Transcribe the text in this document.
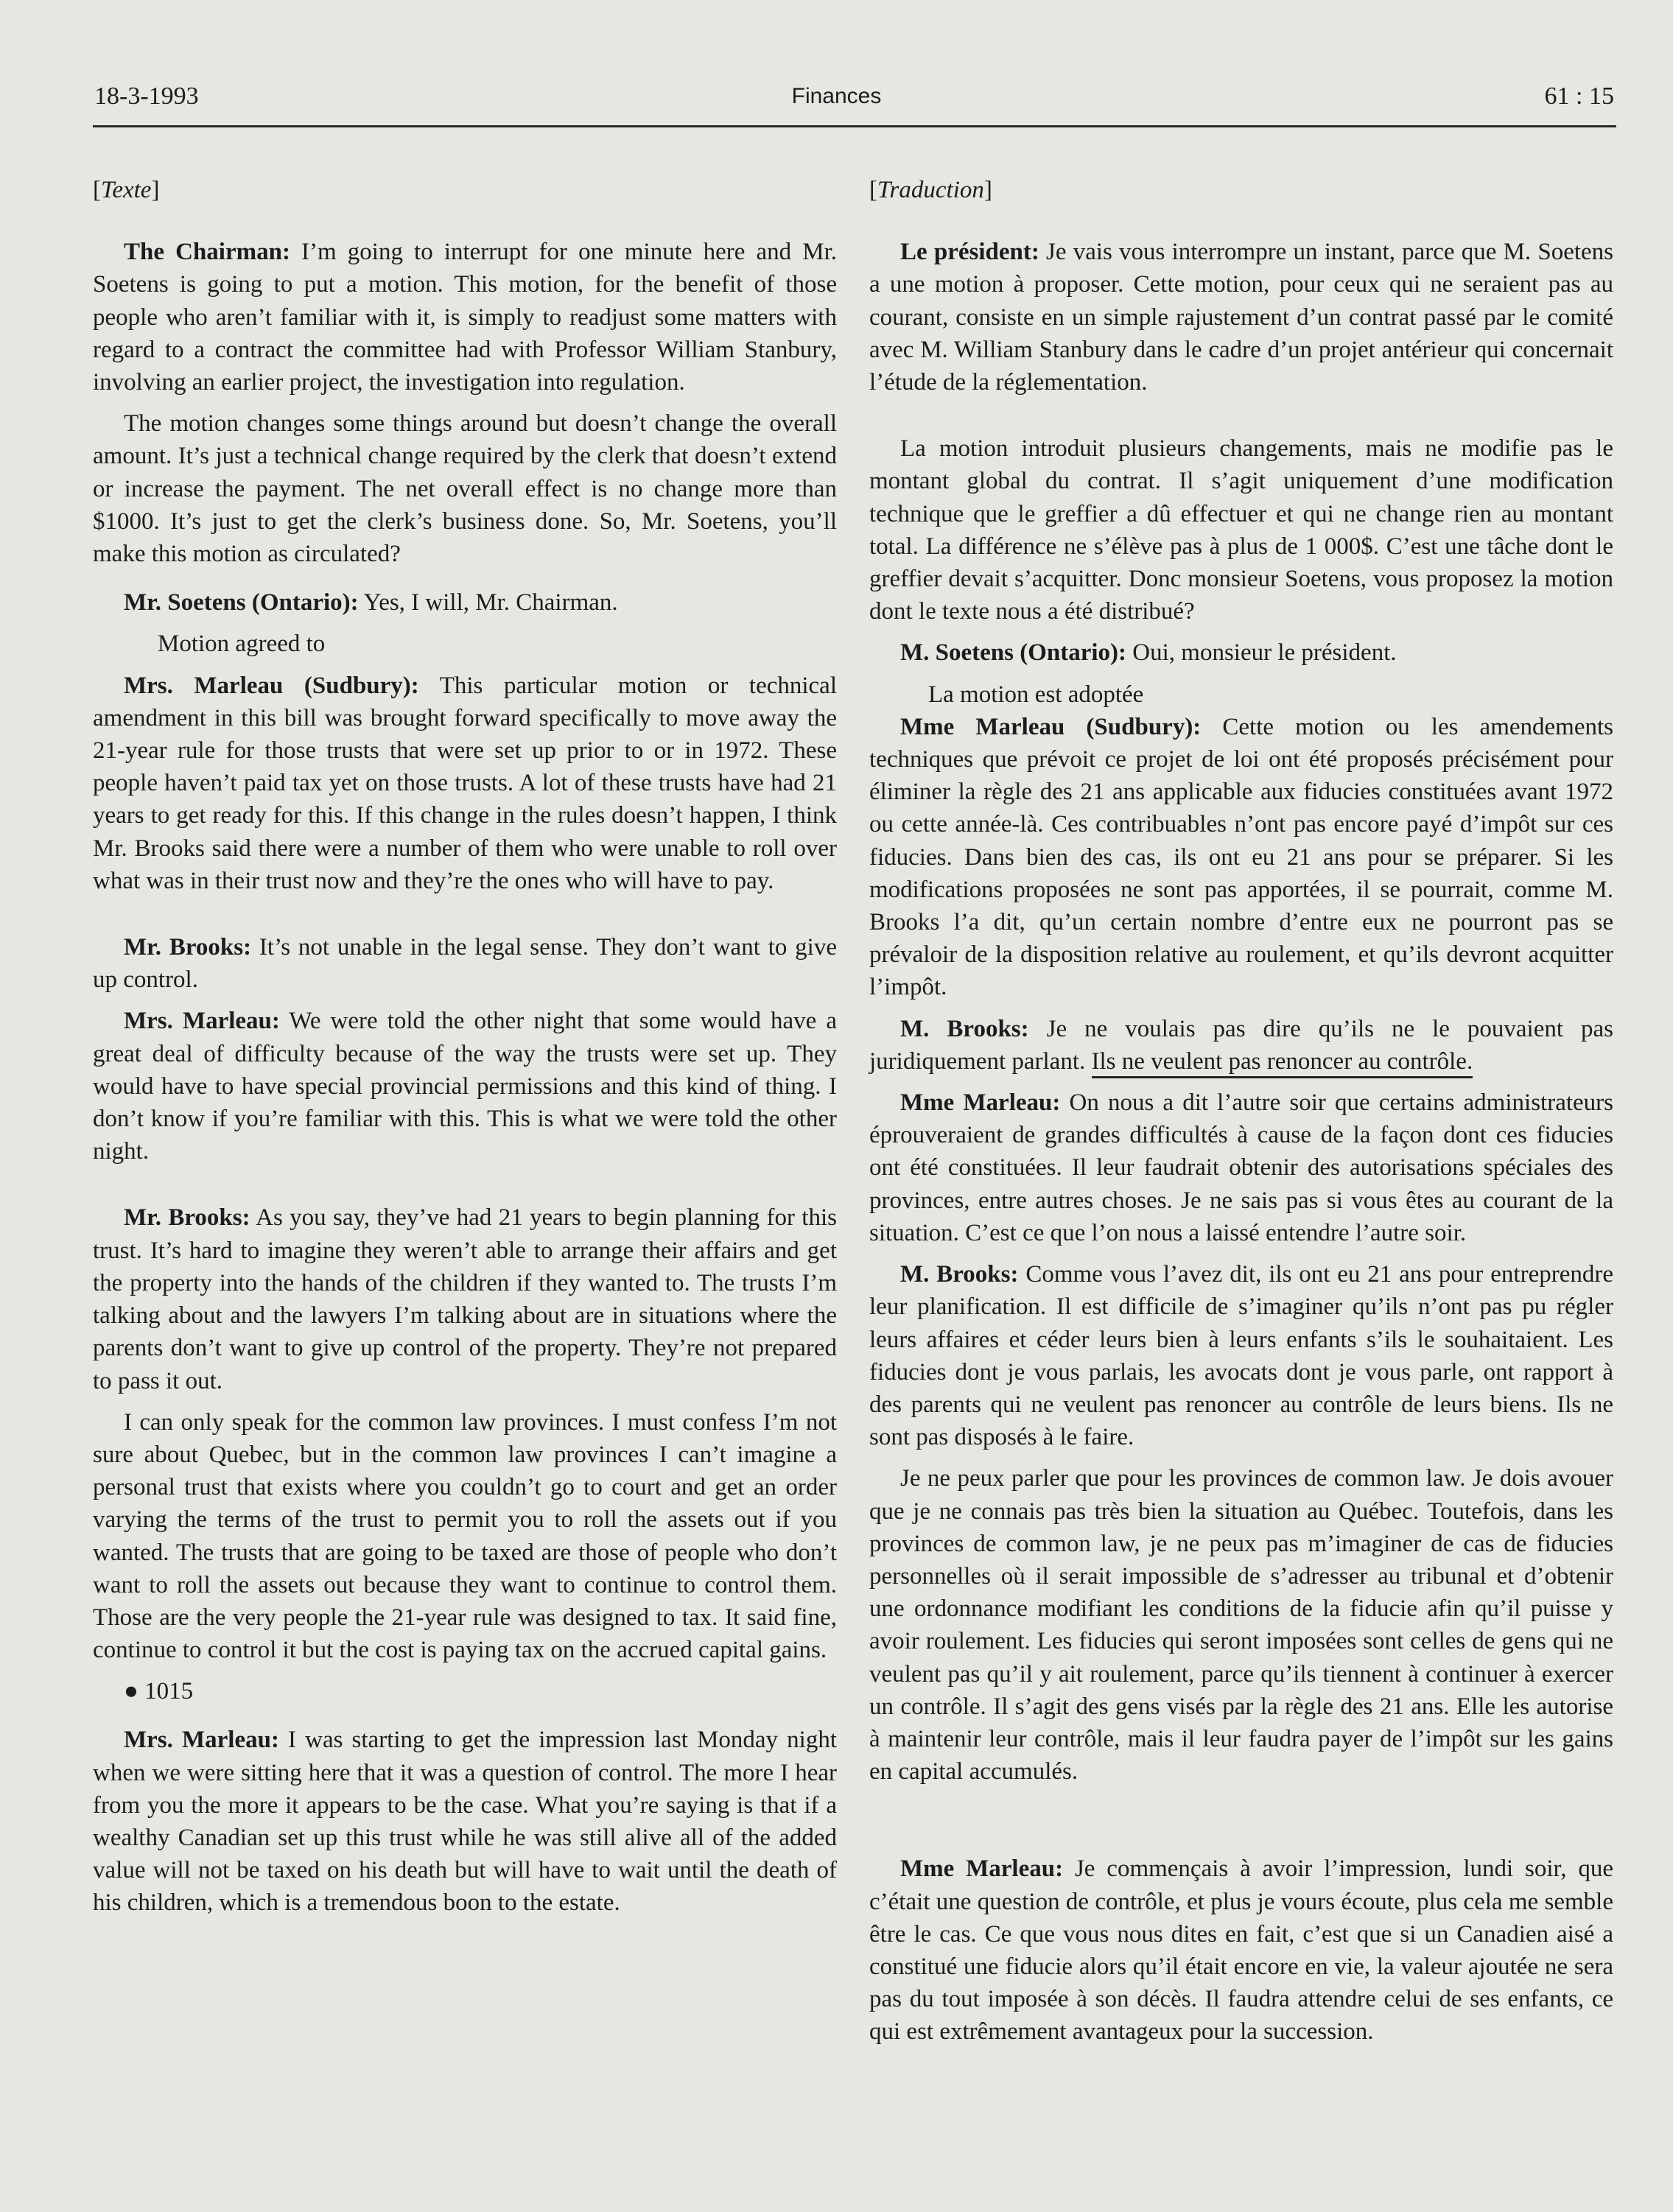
18-3-1993	Finances	61 : 15

[Texte]

The Chairman: I’m going to interrupt for one minute here and Mr. Soetens is going to put a motion. This motion, for the benefit of those people who aren’t familiar with it, is simply to readjust some matters with regard to a contract the committee had with Professor William Stanbury, involving an earlier project, the investigation into regulation.

The motion changes some things around but doesn’t change the overall amount. It’s just a technical change required by the clerk that doesn’t extend or increase the payment. The net overall effect is no change more than $1000. It’s just to get the clerk’s business done. So, Mr. Soetens, you’ll make this motion as circulated?

Mr. Soetens (Ontario): Yes, I will, Mr. Chairman.

Motion agreed to

Mrs. Marleau (Sudbury): This particular motion or technical amendment in this bill was brought forward specifically to move away the 21-year rule for those trusts that were set up prior to or in 1972. These people haven’t paid tax yet on those trusts. A lot of these trusts have had 21 years to get ready for this. If this change in the rules doesn’t happen, I think Mr. Brooks said there were a number of them who were unable to roll over what was in their trust now and they’re the ones who will have to pay.

Mr. Brooks: It’s not unable in the legal sense. They don’t want to give up control.

Mrs. Marleau: We were told the other night that some would have a great deal of difficulty because of the way the trusts were set up. They would have to have special provincial permissions and this kind of thing. I don’t know if you’re familiar with this. This is what we were told the other night.

Mr. Brooks: As you say, they’ve had 21 years to begin planning for this trust. It’s hard to imagine they weren’t able to arrange their affairs and get the property into the hands of the children if they wanted to. The trusts I’m talking about and the lawyers I’m talking about are in situations where the parents don’t want to give up control of the property. They’re not prepared to pass it out.

I can only speak for the common law provinces. I must confess I’m not sure about Quebec, but in the common law provinces I can’t imagine a personal trust that exists where you couldn’t go to court and get an order varying the terms of the trust to permit you to roll the assets out if you wanted. The trusts that are going to be taxed are those of people who don’t want to roll the assets out because they want to continue to control them. Those are the very people the 21-year rule was designed to tax. It said fine, continue to control it but the cost is paying tax on the accrued capital gains.

● 1015

Mrs. Marleau: I was starting to get the impression last Monday night when we were sitting here that it was a question of control. The more I hear from you the more it appears to be the case. What you’re saying is that if a wealthy Canadian set up this trust while he was still alive all of the added value will not be taxed on his death but will have to wait until the death of his children, which is a tremendous boon to the estate.

[Traduction]

Le président: Je vais vous interrompre un instant, parce que M. Soetens a une motion à proposer. Cette motion, pour ceux qui ne seraient pas au courant, consiste en un simple rajustement d’un contrat passé par le comité avec M. William Stanbury dans le cadre d’un projet antérieur qui concernait l’étude de la réglementation.

La motion introduit plusieurs changements, mais ne modifie pas le montant global du contrat. Il s’agit uniquement d’une modification technique que le greffier a dû effectuer et qui ne change rien au montant total. La différence ne s’élève pas à plus de 1 000$. C’est une tâche dont le greffier devait s’acquitter. Donc monsieur Soetens, vous proposez la motion dont le texte nous a été distribué?

M. Soetens (Ontario): Oui, monsieur le président.

La motion est adoptée

Mme Marleau (Sudbury): Cette motion ou les amendements techniques que prévoit ce projet de loi ont été proposés précisément pour éliminer la règle des 21 ans applicable aux fiducies constituées avant 1972 ou cette année-là. Ces contribuables n’ont pas encore payé d’impôt sur ces fiducies. Dans bien des cas, ils ont eu 21 ans pour se préparer. Si les modifications proposées ne sont pas apportées, il se pourrait, comme M. Brooks l’a dit, qu’un certain nombre d’entre eux ne pourront pas se prévaloir de la disposition relative au roulement, et qu’ils devront acquitter l’impôt.

M. Brooks: Je ne voulais pas dire qu’ils ne le pouvaient pas juridiquement parlant. Ils ne veulent pas renoncer au contrôle.

Mme Marleau: On nous a dit l’autre soir que certains administrateurs éprouveraient de grandes difficultés à cause de la façon dont ces fiducies ont été constituées. Il leur faudrait obtenir des autorisations spéciales des provinces, entre autres choses. Je ne sais pas si vous êtes au courant de la situation. C’est ce que l’on nous a laissé entendre l’autre soir.

M. Brooks: Comme vous l’avez dit, ils ont eu 21 ans pour entreprendre leur planification. Il est difficile de s’imaginer qu’ils n’ont pas pu régler leurs affaires et céder leurs bien à leurs enfants s’ils le souhaitaient. Les fiducies dont je vous parlais, les avocats dont je vous parle, ont rapport à des parents qui ne veulent pas renoncer au contrôle de leurs biens. Ils ne sont pas disposés à le faire.

Je ne peux parler que pour les provinces de common law. Je dois avouer que je ne connais pas très bien la situation au Québec. Toutefois, dans les provinces de common law, je ne peux pas m’imaginer de cas de fiducies personnelles où il serait impossible de s’adresser au tribunal et d’obtenir une ordonnance modifiant les conditions de la fiducie afin qu’il puisse y avoir roulement. Les fiducies qui seront imposées sont celles de gens qui ne veulent pas qu’il y ait roulement, parce qu’ils tiennent à continuer à exercer un contrôle. Il s’agit des gens visés par la règle des 21 ans. Elle les autorise à maintenir leur contrôle, mais il leur faudra payer de l’impôt sur les gains en capital accumulés.

Mme Marleau: Je commençais à avoir l’impression, lundi soir, que c’était une question de contrôle, et plus je vours écoute, plus cela me semble être le cas. Ce que vous nous dites en fait, c’est que si un Canadien aisé a constitué une fiducie alors qu’il était encore en vie, la valeur ajoutée ne sera pas du tout imposée à son décès. Il faudra attendre celui de ses enfants, ce qui est extrêmement avantageux pour la succession.
